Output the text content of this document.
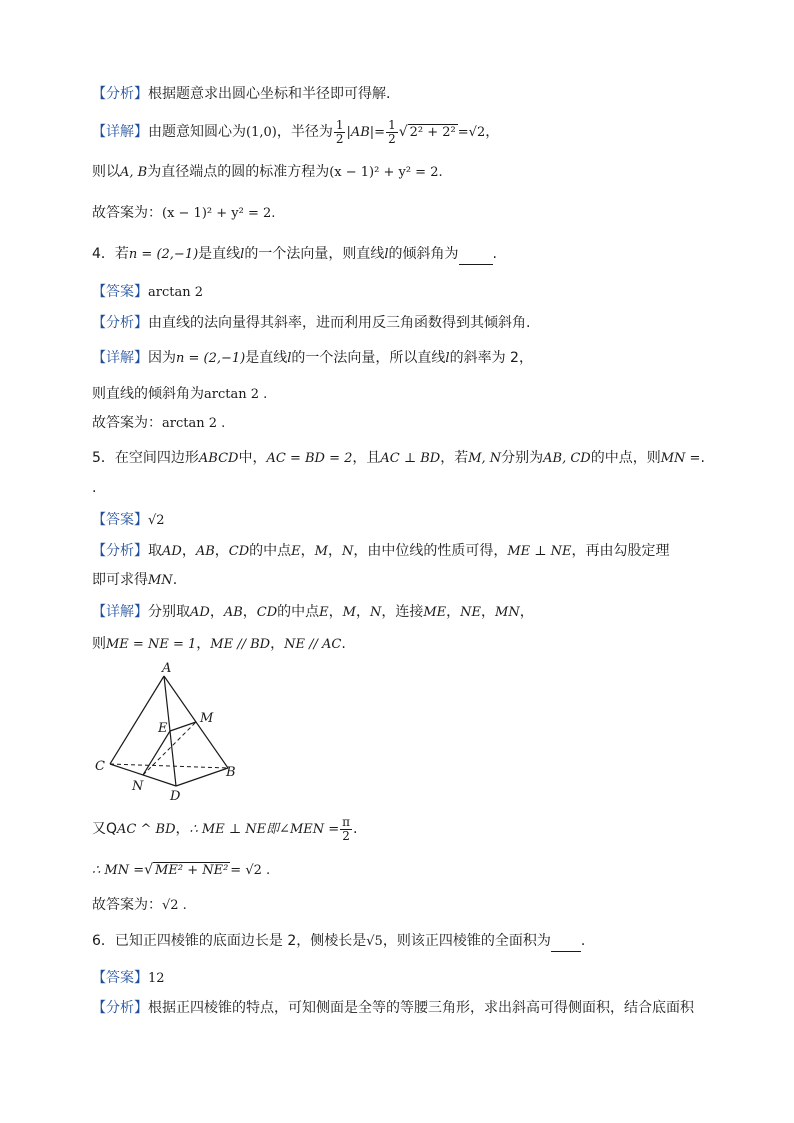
【分析】根据题意求出圆心坐标和半径即可得解.
【详解】由题意知圆心为(1,0)，半径为 $\frac{1}{2} |AB|= \frac{1}{2}$ √ 2² + 2² =√2，
则以A, B为直径端点的圆的标准方程为(x − 1)² + y² = 2.
故答案为：(x − 1)² + y² = 2.
4．若n = (2,−1)是直线l的一个法向量，则直线l的倾斜角为 .
【答案】arctan 2
【分析】由直线的法向量得其斜率，进而利用反三角函数得到其倾斜角.
【详解】因为n = (2,−1)是直线l的一个法向量，所以直线l的斜率为 2，
则直线的倾斜角为arctan 2 .
故答案为：arctan 2 .
5．在空间四边形ABCD中，AC = BD = 2，且AC ⊥ BD，若M, N分别为AB, CD的中点，则MN =.
.
【答案】√2
【分析】取AD，AB，CD的中点E，M，N，由中位线的性质可得，ME ⊥ NE，再由勾股定理
即可求得MN.
【详解】分别取AD，AB，CD的中点E，M，N，连接ME，NE，MN，
则ME = NE = 1，ME // BD，NE // AC.
A
M
E
C	B
N
D
又QAC ^ BD，∴ ME ⊥ NE即∠MEN = $\frac{\pi}{2}$ .
∴ MN =√ ME² + NE² = √2 .
故答案为：√2 .
6．已知正四棱锥的底面边长是 2，侧棱长是√5，则该正四棱锥的全面积为 .
【答案】12
【分析】根据正四棱锥的特点，可知侧面是全等的等腰三角形，求出斜高可得侧面积，结合底面积
